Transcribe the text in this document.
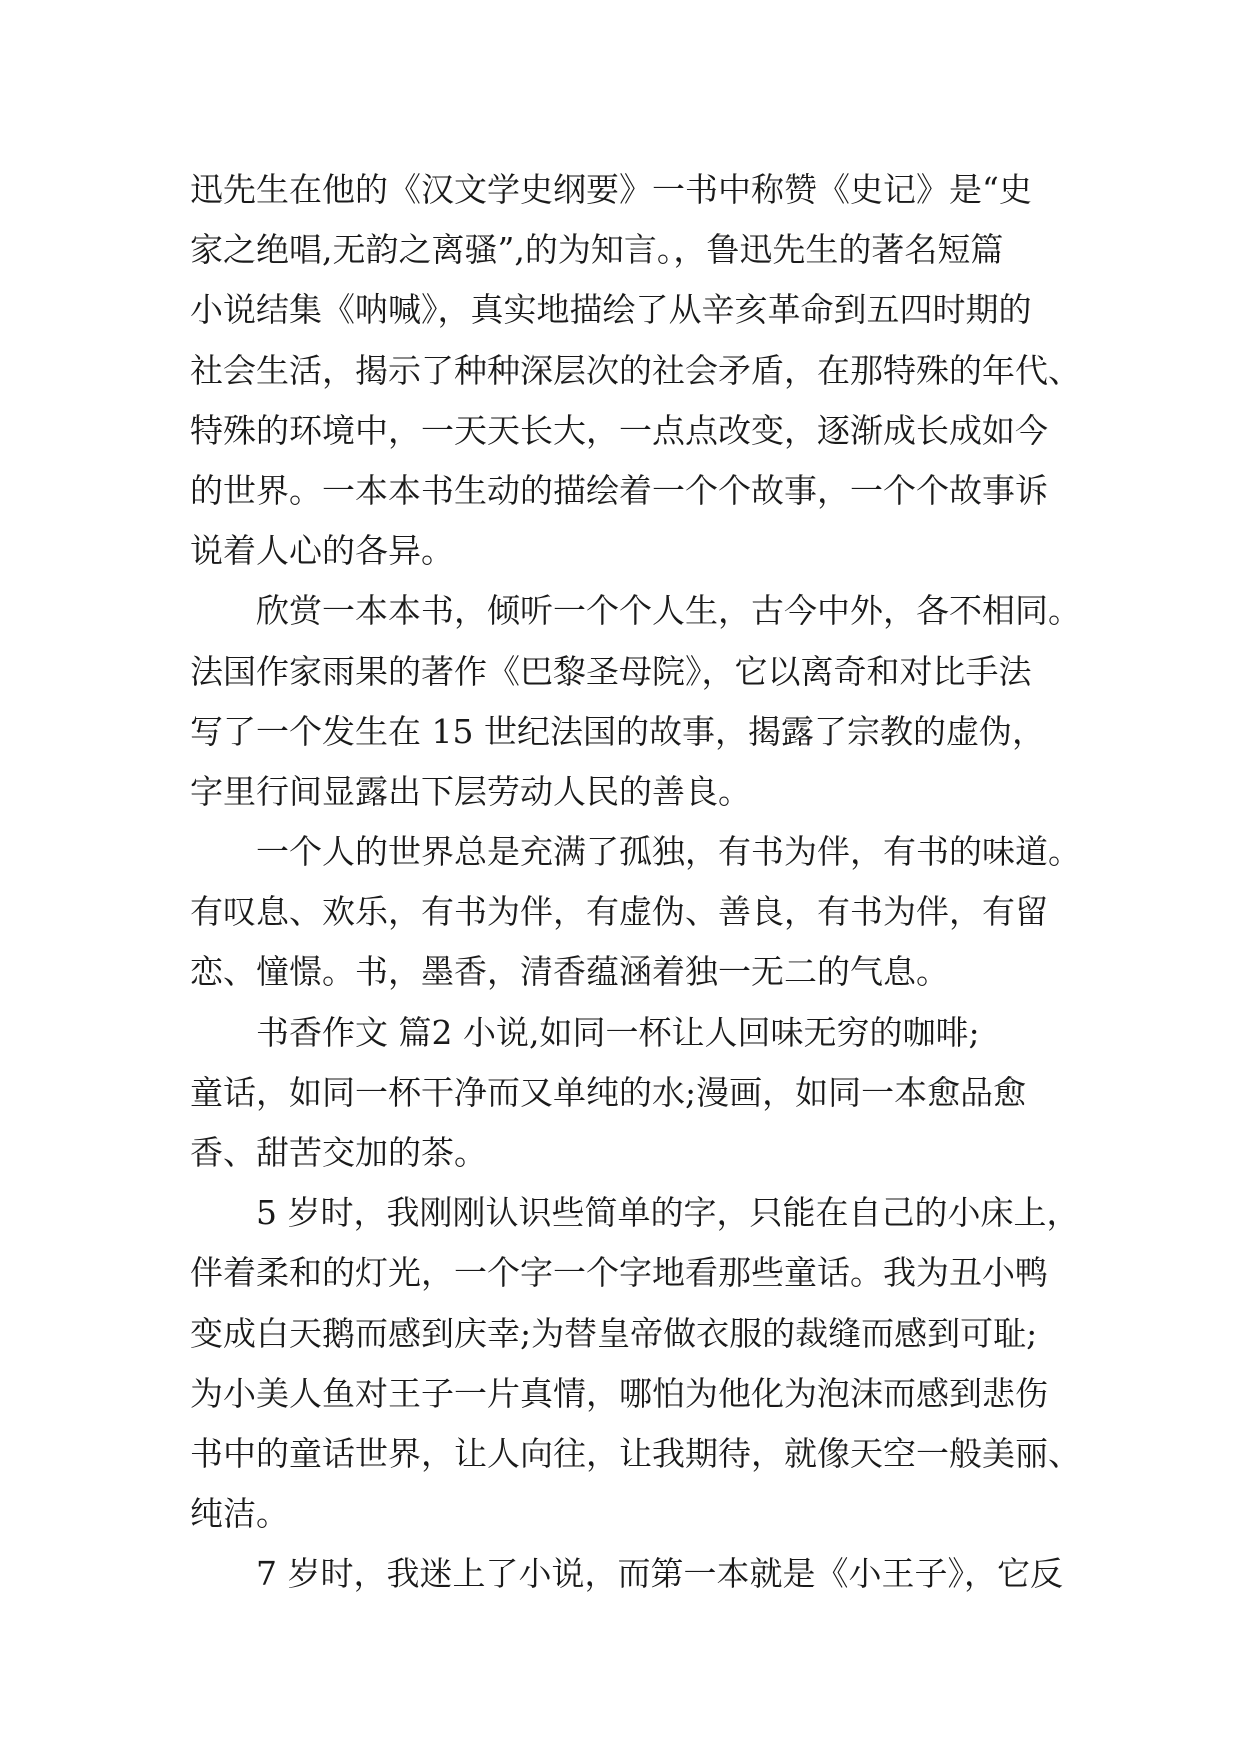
迅先生在他的《汉文学史纲要》一书中称赞《史记》是“史
家之绝唱,无韵之离骚”,的为知言。，鲁迅先生的著名短篇
小说结集《呐喊》，真实地描绘了从辛亥革命到五四时期的
社会生活，揭示了种种深层次的社会矛盾，在那特殊的年代、
特殊的环境中，一天天长大，一点点改变，逐渐成长成如今
的世界。一本本书生动的描绘着一个个故事，一个个故事诉
说着人心的各异。
欣赏一本本书，倾听一个个人生，古今中外，各不相同。
法国作家雨果的著作《巴黎圣母院》，它以离奇和对比手法
写了一个发生在 15 世纪法国的故事，揭露了宗教的虚伪，
字里行间显露出下层劳动人民的善良。
一个人的世界总是充满了孤独，有书为伴，有书的味道。
有叹息、欢乐，有书为伴，有虚伪、善良，有书为伴，有留
恋、憧憬。书，墨香，清香蕴涵着独一无二的气息。
书香作文 篇2 小说,如同一杯让人回味无穷的咖啡;
童话，如同一杯干净而又单纯的水;漫画，如同一本愈品愈
香、甜苦交加的茶。
5 岁时，我刚刚认识些简单的字，只能在自己的小床上，
伴着柔和的灯光，一个字一个字地看那些童话。我为丑小鸭
变成白天鹅而感到庆幸;为替皇帝做衣服的裁缝而感到可耻;
为小美人鱼对王子一片真情，哪怕为他化为泡沫而感到悲伤
书中的童话世界，让人向往，让我期待，就像天空一般美丽、
纯洁。
7 岁时，我迷上了小说，而第一本就是《小王子》，它反
